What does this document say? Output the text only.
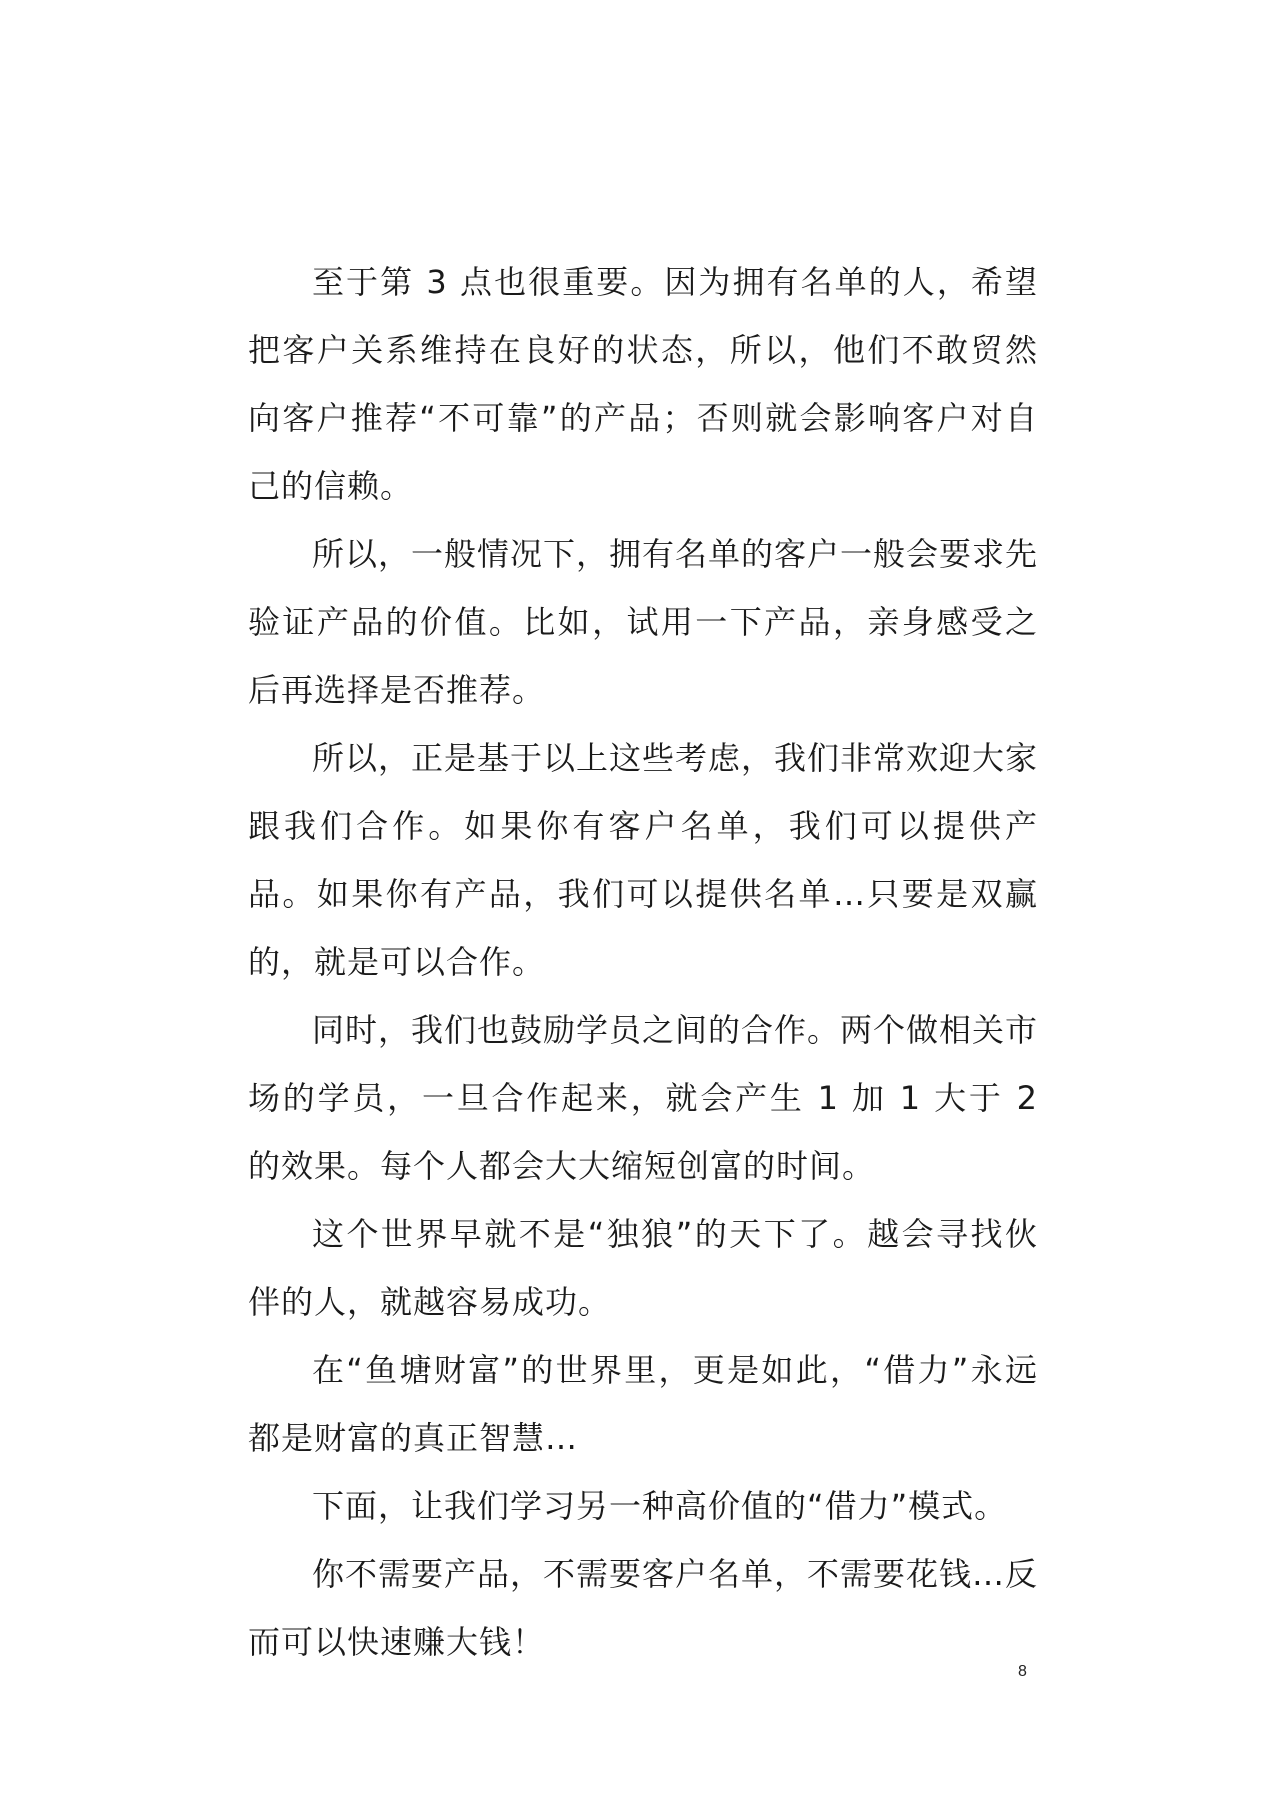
至于第 3 点也很重要。因为拥有名单的人，希望把客户关系维持在良好的状态，所以，他们不敢贸然向客户推荐“不可靠”的产品；否则就会影响客户对自己的信赖。

所以，一般情况下，拥有名单的客户一般会要求先验证产品的价值。比如，试用一下产品，亲身感受之后再选择是否推荐。

所以，正是基于以上这些考虑，我们非常欢迎大家跟我们合作。如果你有客户名单，我们可以提供产品。如果你有产品，我们可以提供名单…只要是双赢的，就是可以合作。

同时，我们也鼓励学员之间的合作。两个做相关市场的学员，一旦合作起来，就会产生 1 加 1 大于 2 的效果。每个人都会大大缩短创富的时间。

这个世界早就不是“独狼”的天下了。越会寻找伙伴的人，就越容易成功。

在“鱼塘财富”的世界里，更是如此，“借力”永远都是财富的真正智慧…

下面，让我们学习另一种高价值的“借力”模式。

你不需要产品，不需要客户名单，不需要花钱…反而可以快速赚大钱！

8
